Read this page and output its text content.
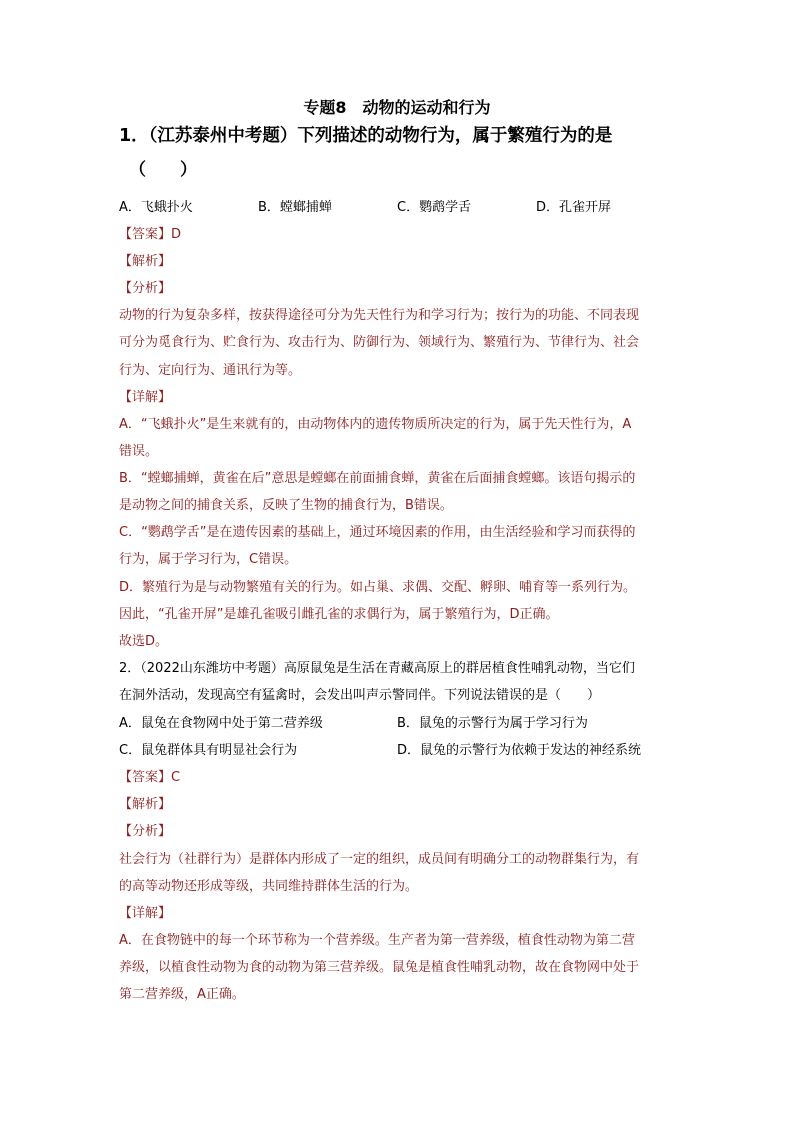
专题8　动物的运动和行为
1．（江苏泰州中考题）下列描述的动物行为，属于繁殖行为的是
（　　）
A．飞蛾扑火	B．螳螂捕蝉	C．鹦鹉学舌	D．孔雀开屏
【答案】D
【解析】
【分析】
动物的行为复杂多样，按获得途径可分为先天性行为和学习行为；按行为的功能、不同表现
可分为觅食行为、贮食行为、攻击行为、防御行为、领域行为、繁殖行为、节律行为、社会
行为、定向行为、通讯行为等。
【详解】
A．“飞蛾扑火”是生来就有的，由动物体内的遗传物质所决定的行为，属于先天性行为，A
错误。
B．“螳螂捕蝉，黄雀在后”意思是螳螂在前面捕食蝉，黄雀在后面捕食螳螂。该语句揭示的
是动物之间的捕食关系，反映了生物的捕食行为，B错误。
C．“鹦鹉学舌”是在遗传因素的基础上，通过环境因素的作用，由生活经验和学习而获得的
行为，属于学习行为，C错误。
D．繁殖行为是与动物繁殖有关的行为。如占巢、求偶、交配、孵卵、哺育等一系列行为。
因此，“孔雀开屏”是雄孔雀吸引雌孔雀的求偶行为，属于繁殖行为，D正确。
故选D。
2．（2022山东潍坊中考题）高原鼠兔是生活在青藏高原上的群居植食性哺乳动物，当它们
在洞外活动，发现高空有猛禽时，会发出叫声示警同伴。下列说法错误的是（　　）
A．鼠兔在食物网中处于第二营养级	B．鼠兔的示警行为属于学习行为
C．鼠兔群体具有明显社会行为	D．鼠兔的示警行为依赖于发达的神经系统
【答案】C
【解析】
【分析】
社会行为（社群行为）是群体内形成了一定的组织，成员间有明确分工的动物群集行为，有
的高等动物还形成等级，共同维持群体生活的行为。
【详解】
A．在食物链中的每一个环节称为一个营养级。生产者为第一营养级，植食性动物为第二营
养级，以植食性动物为食的动物为第三营养级。鼠兔是植食性哺乳动物，故在食物网中处于
第二营养级，A正确。
